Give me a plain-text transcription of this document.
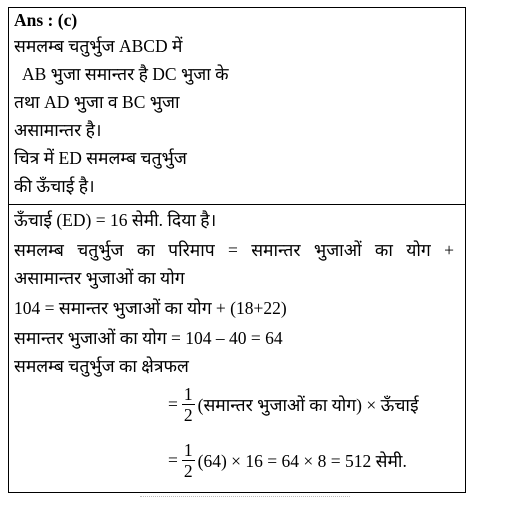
Ans : (c)
समलम्ब चतुर्भुज ABCD में
AB भुजा समान्तर है DC भुजा के
तथा AD भुजा व BC भुजा
असामान्तर है।
चित्र में ED समलम्ब चतुर्भुज
की ऊँचाई है।
ऊँचाई (ED) = 16 सेमी. दिया है।
समलम्ब चतुर्भुज का परिमाप = समान्तर भुजाओं का योग +
असामान्तर भुजाओं का योग
104 = समान्तर भुजाओं का योग + (18+22)
समान्तर भुजाओं का योग = 104 – 40 = 64
समलम्ब चतुर्भुज का क्षेत्रफल
= $\frac{1}{2}$ (समान्तर भुजाओं का योग) × ऊँचाई
= $\frac{1}{2} (64) \times 16 = 64 \times 8 = 512$ सेमी.
